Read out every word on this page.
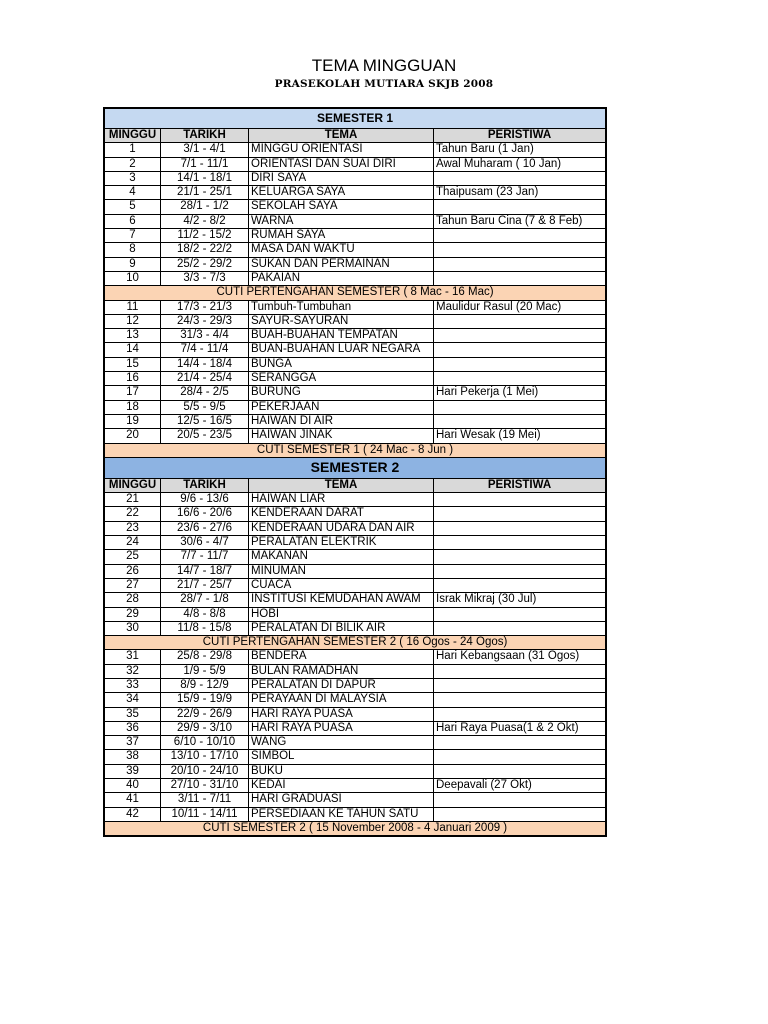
TEMA MINGGUAN
PRASEKOLAH MUTIARA SKJB 2008
SEMESTER 1			
MINGGU	TARIKH	TEMA	PERISTIWA
1	3/1 - 4/1	MINGGU ORIENTASI	Tahun Baru (1 Jan)
2	7/1 - 11/1	ORIENTASI DAN SUAI DIRI	Awal Muharam ( 10 Jan)
3	14/1 - 18/1	DIRI SAYA	
4	21/1 - 25/1	KELUARGA SAYA	Thaipusam (23 Jan)
5	28/1 - 1/2	SEKOLAH SAYA	
6	4/2 - 8/2	WARNA	Tahun Baru Cina (7 & 8 Feb)
7	11/2 - 15/2	RUMAH SAYA	
8	18/2 - 22/2	MASA DAN WAKTU	
9	25/2 - 29/2	SUKAN DAN PERMAINAN	
10	3/3 - 7/3	PAKAIAN	
CUTI PERTENGAHAN SEMESTER ( 8 Mac - 16 Mac)			
11	17/3 - 21/3	Tumbuh-Tumbuhan	Maulidur Rasul (20 Mac)
12	24/3 - 29/3	SAYUR-SAYURAN	
13	31/3 - 4/4	BUAH-BUAHAN TEMPATAN	
14	7/4 - 11/4	BUAN-BUAHAN LUAR NEGARA	
15	14/4 - 18/4	BUNGA	
16	21/4 - 25/4	SERANGGA	
17	28/4 - 2/5	BURUNG	Hari Pekerja (1 Mei)
18	5/5 - 9/5	PEKERJAAN	
19	12/5 - 16/5	HAIWAN DI AIR	
20	20/5 - 23/5	HAIWAN JINAK	Hari Wesak (19 Mei)
CUTI SEMESTER 1 ( 24 Mac - 8 Jun )			
SEMESTER 2			
MINGGU	TARIKH	TEMA	PERISTIWA
21	9/6 - 13/6	HAIWAN LIAR	
22	16/6 - 20/6	KENDERAAN DARAT	
23	23/6 - 27/6	KENDERAAN UDARA DAN AIR	
24	30/6 - 4/7	PERALATAN ELEKTRIK	
25	7/7 - 11/7	MAKANAN	
26	14/7 - 18/7	MINUMAN	
27	21/7 - 25/7	CUACA	
28	28/7 - 1/8	INSTITUSI KEMUDAHAN AWAM	Israk Mikraj (30 Jul)
29	4/8 - 8/8	HOBI	
30	11/8 - 15/8	PERALATAN DI BILIK AIR	
CUTI PERTENGAHAN SEMESTER 2 ( 16 Ogos - 24 Ogos)			
31	25/8 - 29/8	BENDERA	Hari Kebangsaan (31 Ogos)
32	1/9 - 5/9	BULAN RAMADHAN	
33	8/9 - 12/9	PERALATAN DI DAPUR	
34	15/9 - 19/9	PERAYAAN DI MALAYSIA	
35	22/9 - 26/9	HARI RAYA PUASA	
36	29/9 - 3/10	HARI RAYA PUASA	Hari Raya Puasa(1 & 2 Okt)
37	6/10 - 10/10	WANG	
38	13/10 - 17/10	SIMBOL	
39	20/10 - 24/10	BUKU	
40	27/10 - 31/10	KEDAI	Deepavali (27 Okt)
41	3/11 - 7/11	HARI GRADUASI	
42	10/11 - 14/11	PERSEDIAAN KE TAHUN SATU	
CUTI SEMESTER 2 ( 15 November 2008 - 4 Januari 2009 )			
